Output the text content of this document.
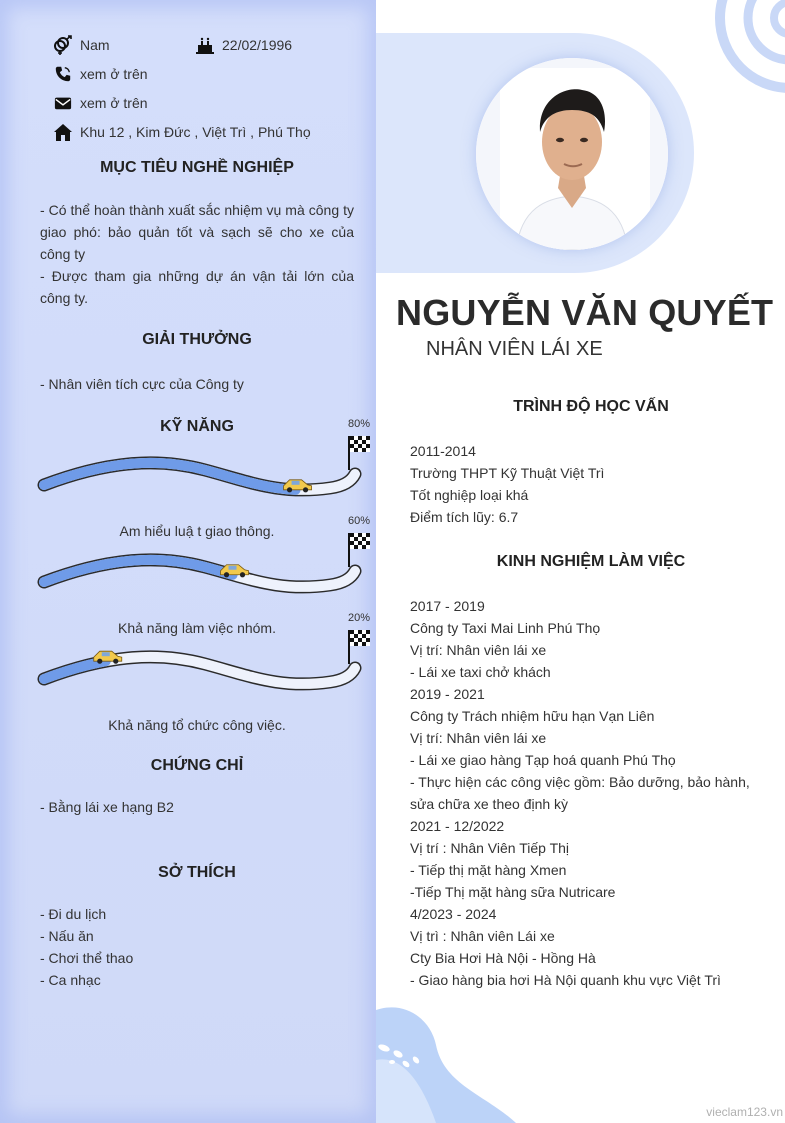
Nam	22/02/1996
xem ở trên
xem ở trên
Khu 12 , Kim Đức , Việt Trì , Phú Thọ
MỤC TIÊU NGHỀ NGHIỆP
- Có thể hoàn thành xuất sắc nhiệm vụ mà công ty giao phó: bảo quản tốt và sạch sẽ cho xe của công ty
- Được tham gia những dự án vận tải lớn của công ty.
GIẢI THƯỞNG
- Nhân viên tích cực của Công ty
KỸ NĂNG	80%
Am hiểu luậ t giao thông.
60%
Khả năng làm việc nhóm.
20%
Khả năng tổ chức công việc.
CHỨNG CHỈ
- Bằng lái xe hạng B2
SỞ THÍCH
- Đi du lịch
- Nấu ăn
- Chơi thể thao
- Ca nhạc
NGUYỄN VĂN QUYẾT
NHÂN VIÊN LÁI XE
TRÌNH ĐỘ HỌC VẤN
2011-2014
Trường THPT Kỹ Thuật Việt Trì
Tốt nghiệp loại khá
Điểm tích lũy: 6.7
KINH NGHIỆM LÀM VIỆC
2017 - 2019
Công ty Taxi Mai Linh Phú Thọ
Vị trí: Nhân viên lái xe
- Lái xe taxi chở khách
2019 - 2021
Công ty Trách nhiệm hữu hạn Vạn Liên
Vị trí: Nhân viên lái xe
- Lái xe giao hàng Tạp hoá quanh Phú Thọ
- Thực hiện các công việc gồm: Bảo dưỡng, bảo hành, sửa chữa xe theo định kỳ
2021 - 12/2022
Vị trí : Nhân Viên Tiếp Thị
- Tiếp thị mặt hàng Xmen
-Tiếp Thị mặt hàng sữa Nutricare
4/2023 - 2024
Vị trì : Nhân viên Lái xe
Cty Bia Hơi Hà Nội - Hồng Hà
- Giao hàng bia hơi Hà Nội quanh khu vực Việt Trì
vieclam123.vn
